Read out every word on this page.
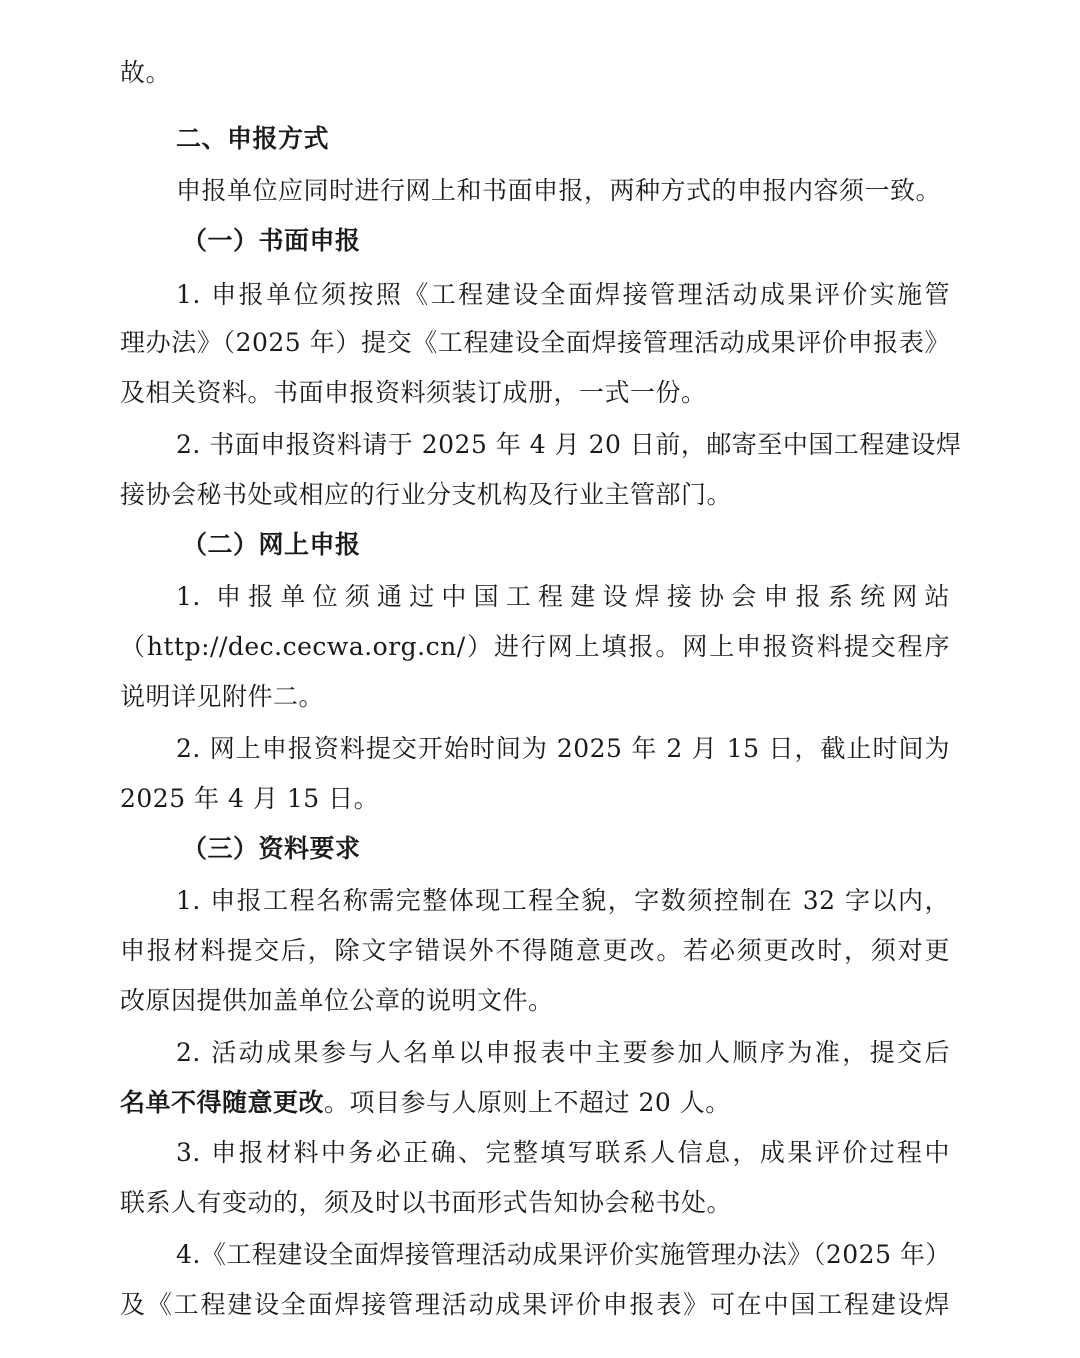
故。
二、申报方式
申报单位应同时进行网上和书面申报，两种方式的申报内容须一致。
（一）书面申报
1. 申报单位须按照《工程建设全面焊接管理活动成果评价实施管
理办法》（2025 年）提交《工程建设全面焊接管理活动成果评价申报表》
及相关资料。书面申报资料须装订成册，一式一份。
2. 书面申报资料请于 2025 年 4 月 20 日前，邮寄至中国工程建设焊
接协会秘书处或相应的行业分支机构及行业主管部门。
（二）网上申报
1. 申报单位须通过中国工程建设焊接协会申报系统网站
（http://dec.cecwa.org.cn/）进行网上填报。网上申报资料提交程序
说明详见附件二。
2. 网上申报资料提交开始时间为 2025 年 2 月 15 日，截止时间为
2025 年 4 月 15 日。
（三）资料要求
1. 申报工程名称需完整体现工程全貌，字数须控制在 32 字以内，
申报材料提交后，除文字错误外不得随意更改。若必须更改时，须对更
改原因提供加盖单位公章的说明文件。
2. 活动成果参与人名单以申报表中主要参加人顺序为准，提交后
名单不得随意更改。项目参与人原则上不超过 20 人。
3. 申报材料中务必正确、完整填写联系人信息，成果评价过程中
联系人有变动的，须及时以书面形式告知协会秘书处。
4.《工程建设全面焊接管理活动成果评价实施管理办法》（2025 年）
及《工程建设全面焊接管理活动成果评价申报表》可在中国工程建设焊
